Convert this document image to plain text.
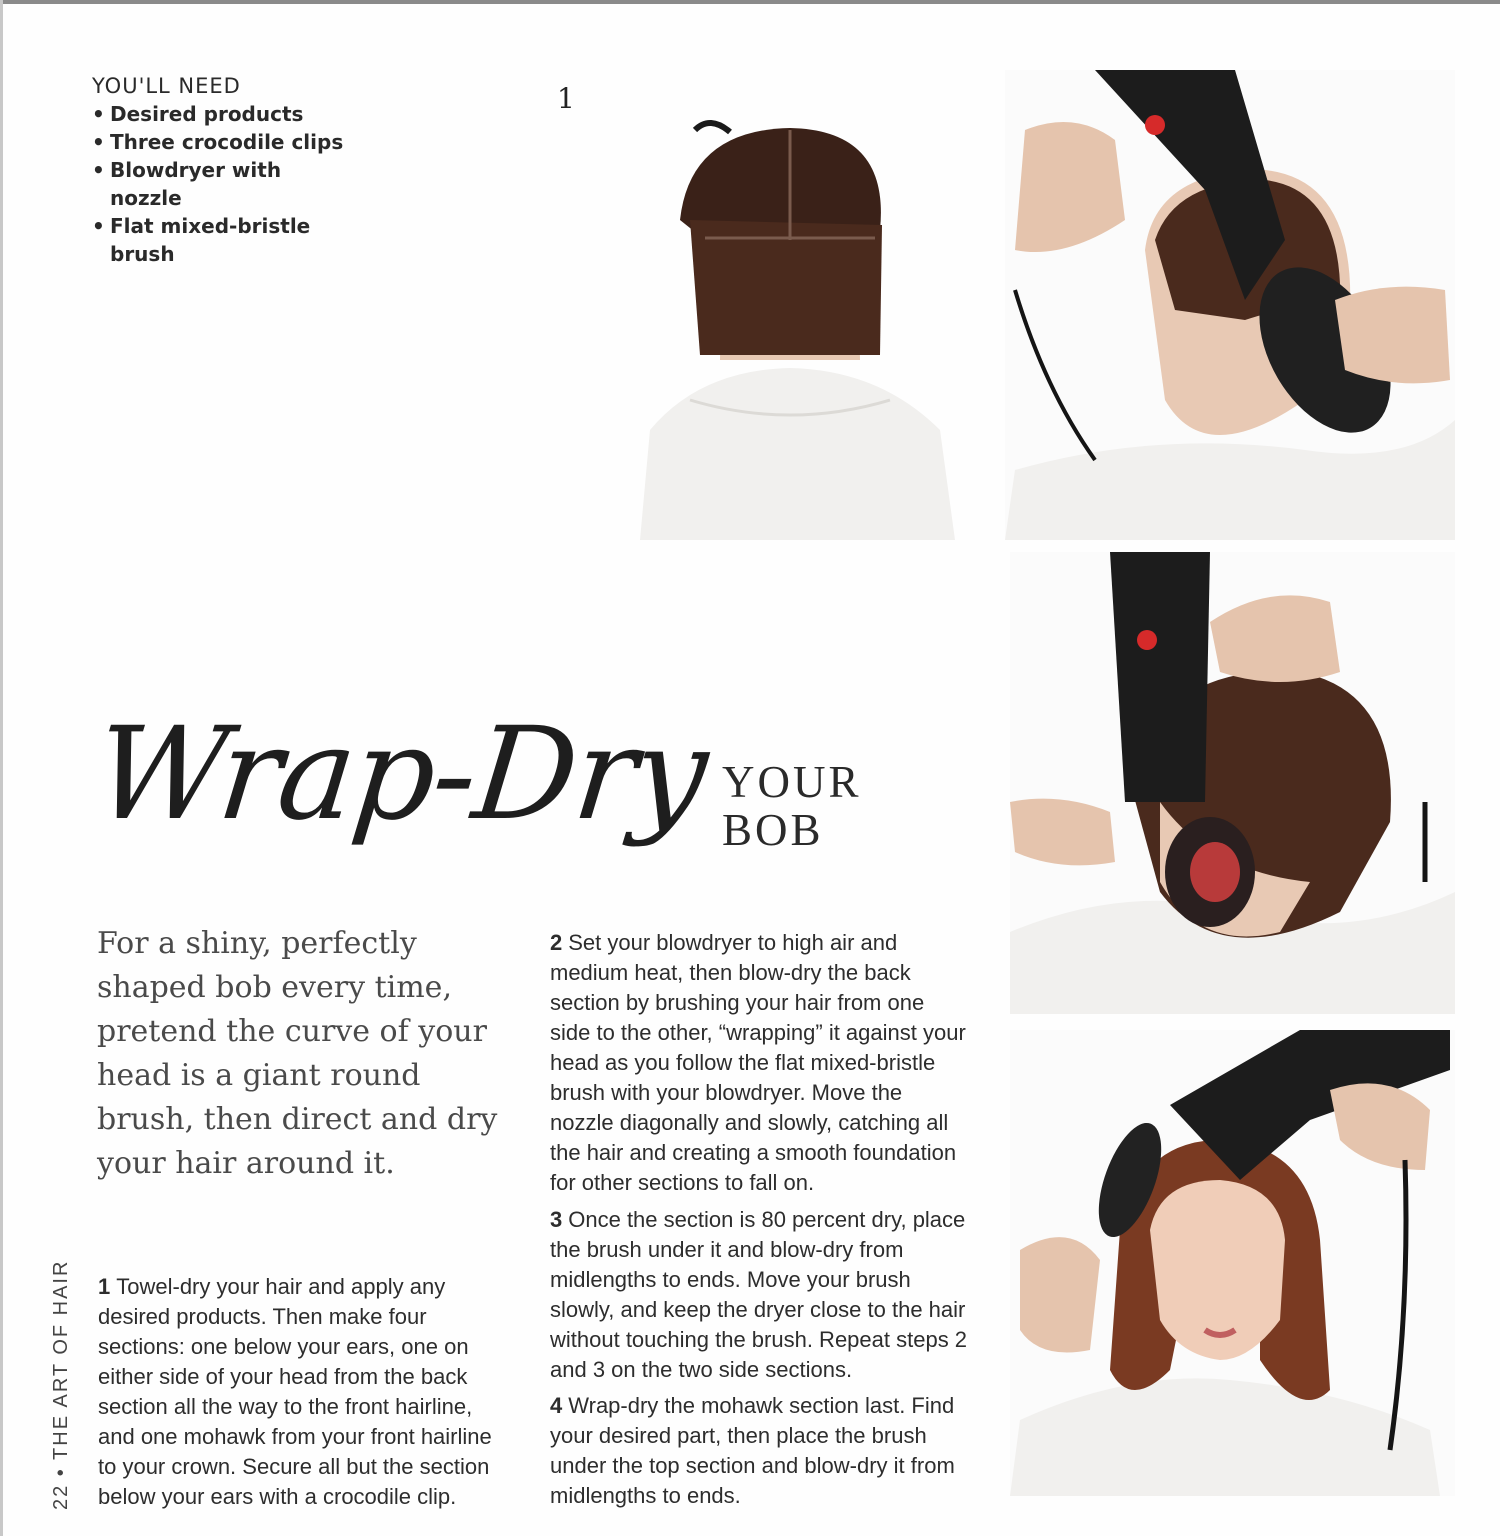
YOU'LL NEED
• Desired products
• Three crocodile clips
• Blowdryer with nozzle
• Flat mixed-bristle brush
1
Wrap-Dry YOUR
BOB
For a shiny, perfectly shaped bob every time, pretend the curve of your head is a giant round brush, then direct and dry your hair around it.
1 Towel-dry your hair and apply any desired products. Then make four sections: one below your ears, one on either side of your head from the back section all the way to the front hairline, and one mohawk from your front hairline to your crown. Secure all but the section below your ears with a crocodile clip.
2 Set your blowdryer to high air and medium heat, then blow-dry the back section by brushing your hair from one side to the other, “wrapping” it against your head as you follow the flat mixed-bristle brush with your blowdryer. Move the nozzle diagonally and slowly, catching all the hair and creating a smooth foundation for other sections to fall on.
3 Once the section is 80 percent dry, place the brush under it and blow-dry from midlengths to ends. Move your brush slowly, and keep the dryer close to the hair without touching the brush. Repeat steps 2 and 3 on the two side sections.
4 Wrap-dry the mohawk section last. Find your desired part, then place the brush under the top section and blow-dry it from midlengths to ends.
22 • THE ART OF HAIR
